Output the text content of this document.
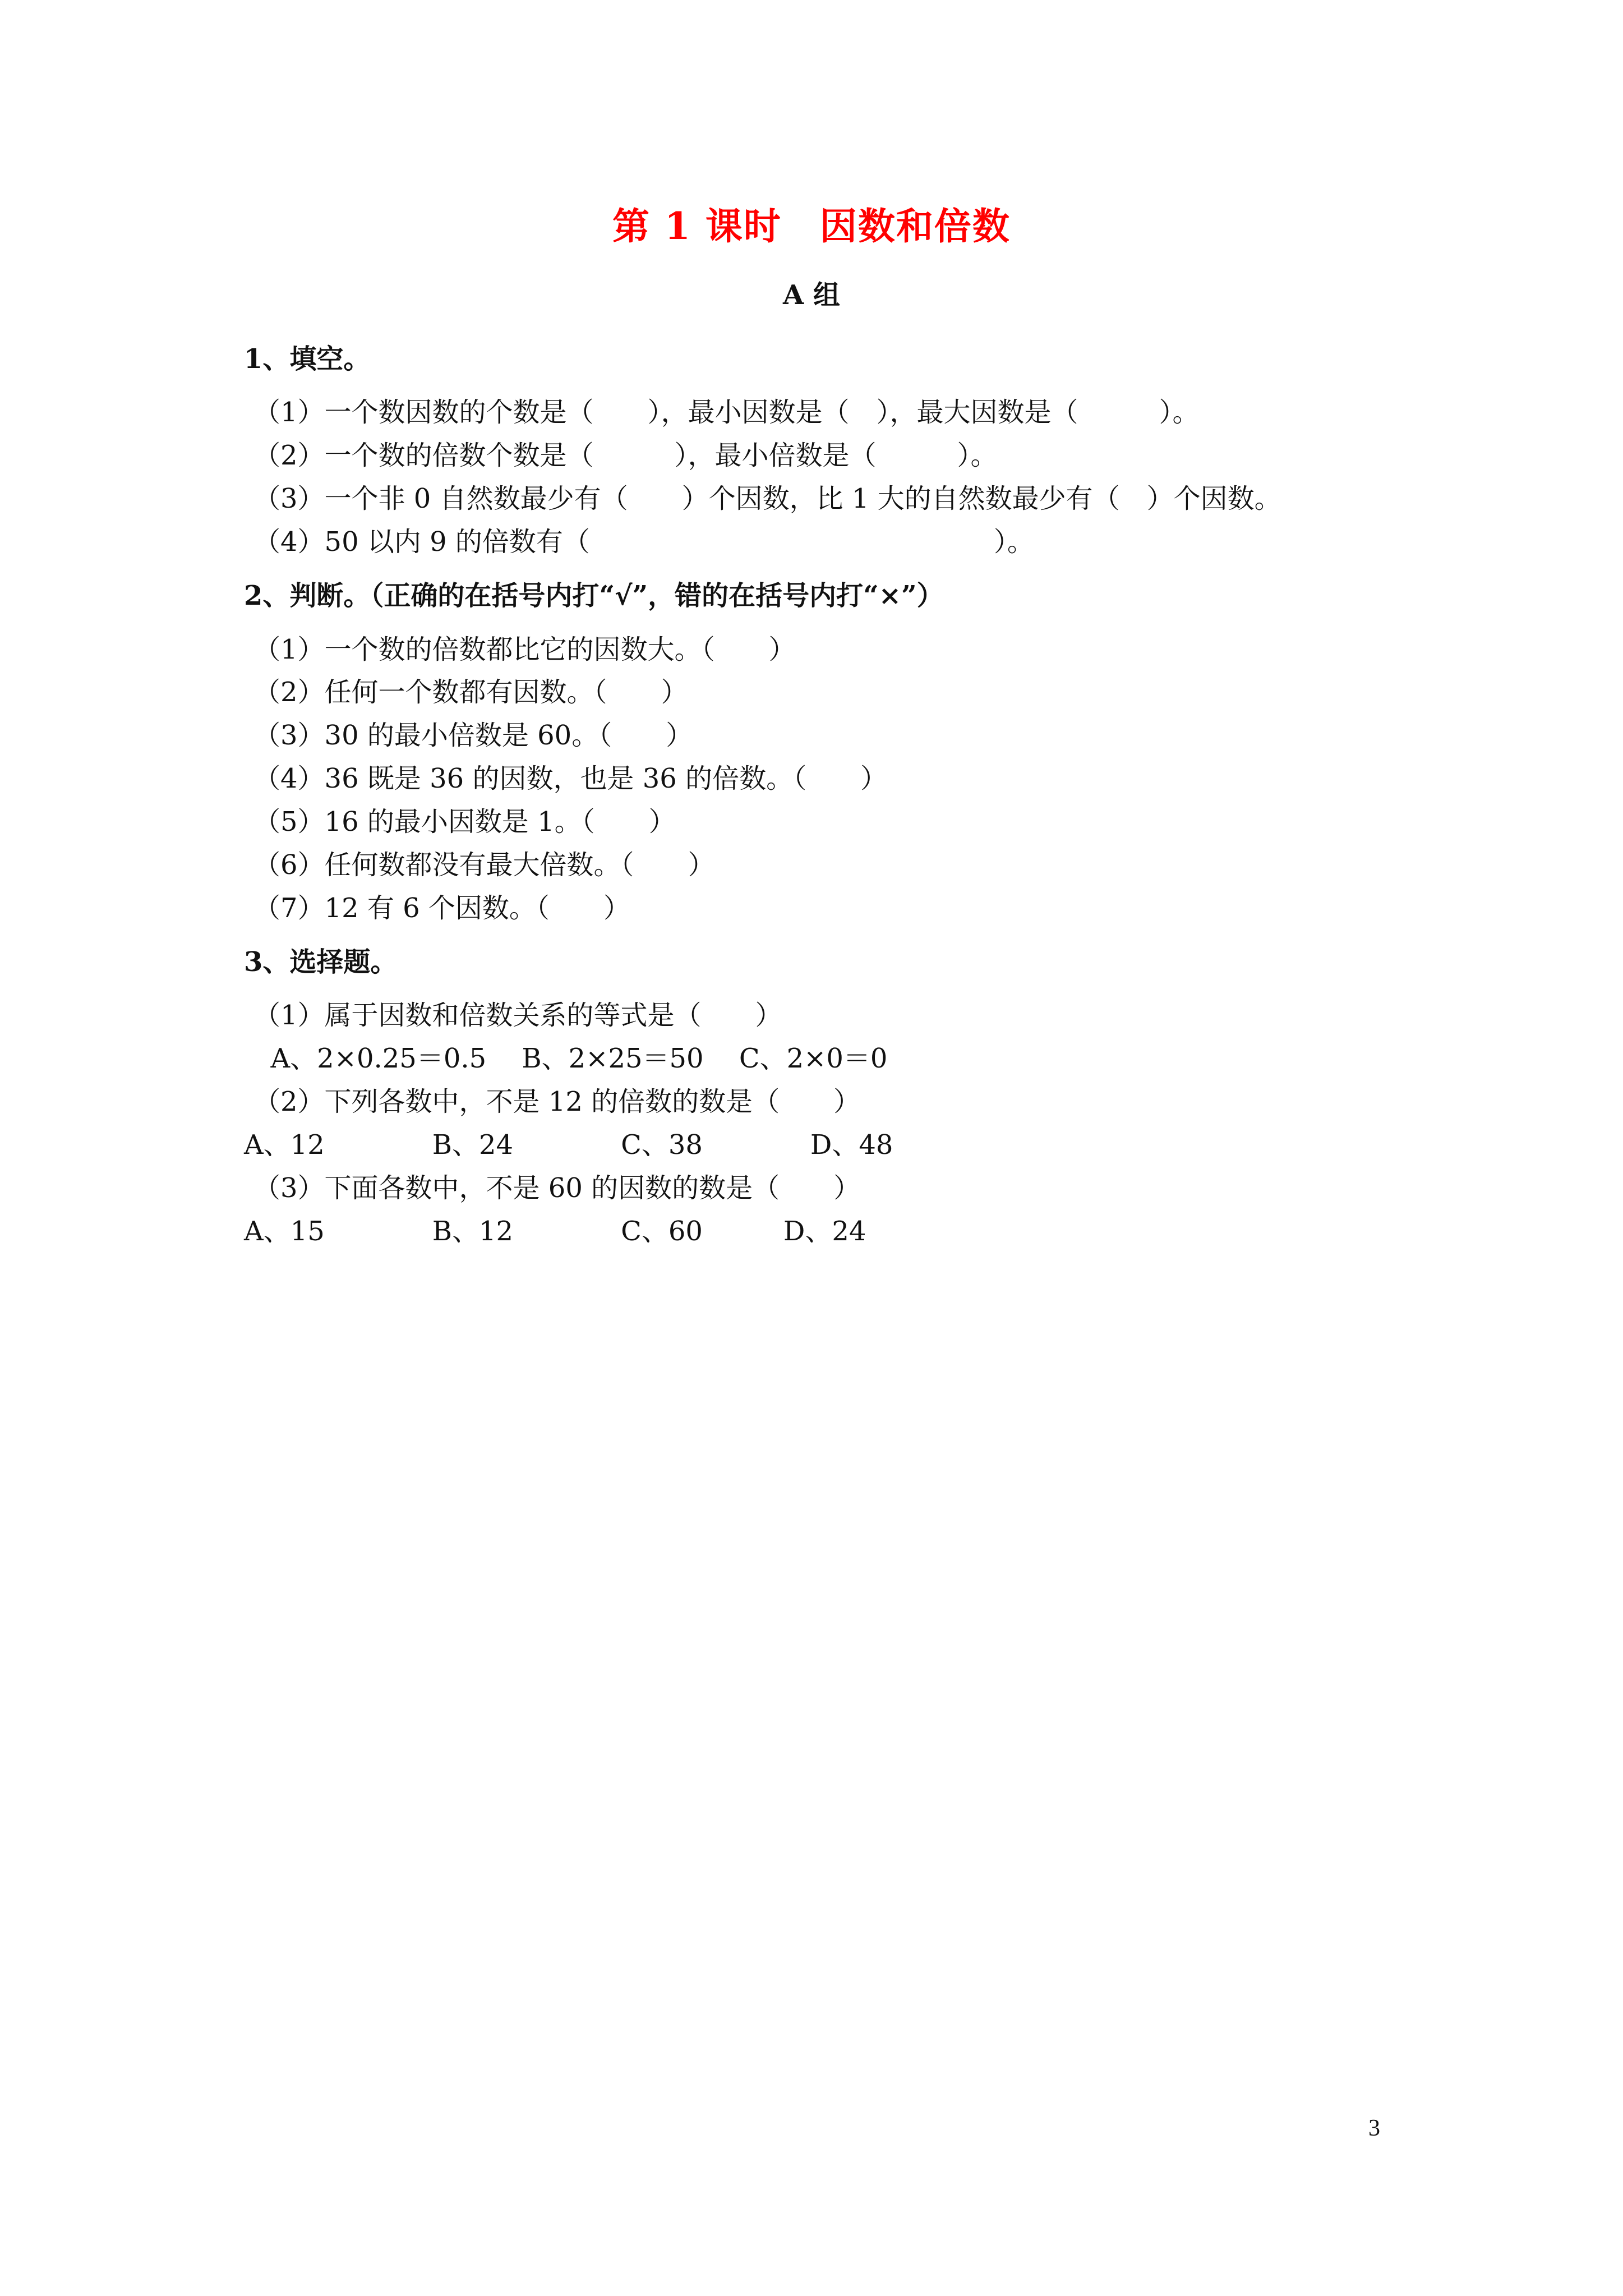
第 1 课时　因数和倍数
A 组
1、填空。
（1）一个数因数的个数是（　　），最小因数是（　），最大因数是（　　　）。
（2）一个数的倍数个数是（　　　），最小倍数是（　　　）。
（3）一个非 0 自然数最少有（　　）个因数，比 1 大的自然数最少有（　）个因数。
（4）50 以内 9 的倍数有（　　　　　　　　　　　　　　　）。
2、判断。（正确的在括号内打“√”，错的在括号内打“×”）
（1）一个数的倍数都比它的因数大。（　　）
（2）任何一个数都有因数。（　　）
（3）30 的最小倍数是 60。（　　）
（4）36 既是 36 的因数，也是 36 的倍数。（　　）
（5）16 的最小因数是 1。（　　）
（6）任何数都没有最大倍数。（　　）
（7）12 有 6 个因数。（　　）
3、选择题。
（1）属于因数和倍数关系的等式是（　　）
A、2×0.25＝0.5　 B、2×25＝50　 C、2×0＝0
（2）下列各数中，不是 12 的倍数的数是（　　）
A、12　　　　B、24　　　　C、38　　　　D、48
（3）下面各数中，不是 60 的因数的数是（　　）
A、15　　　　B、12　　　　C、60　　　D、24
3
